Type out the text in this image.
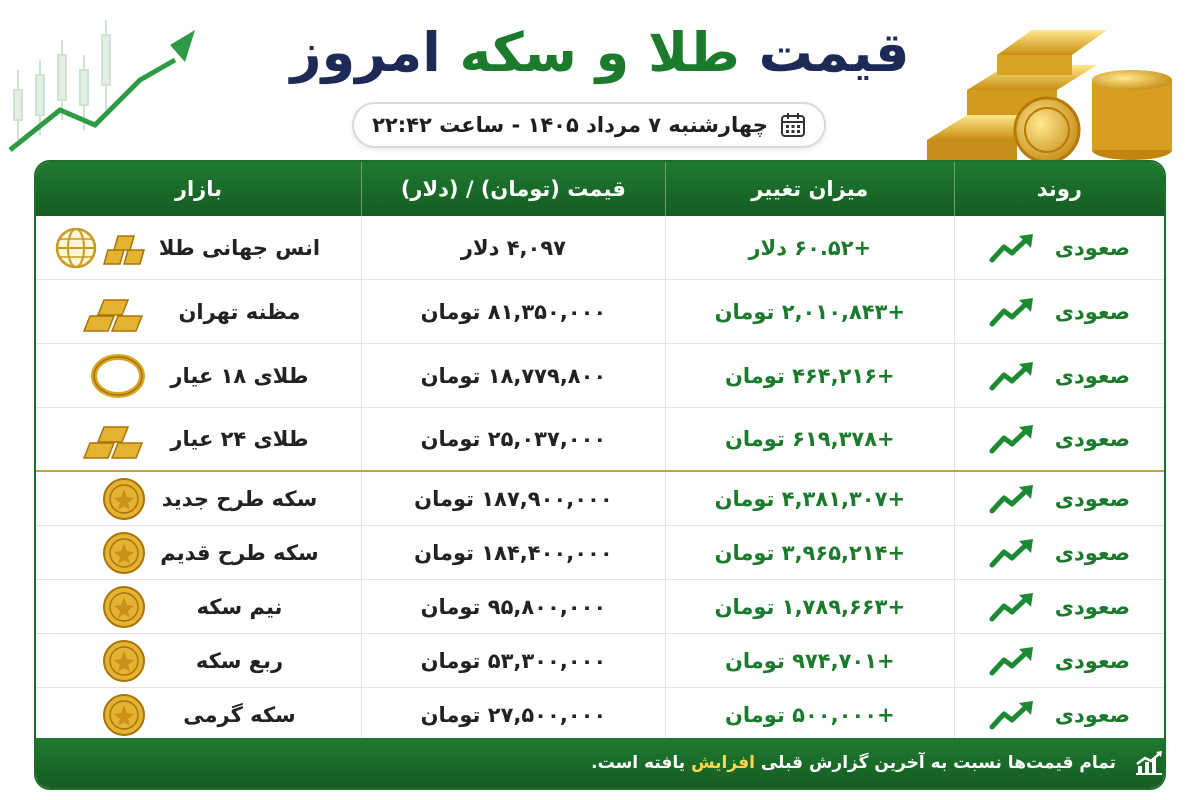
قیمت طلا و سکه امروز
چهارشنبه ۷ مرداد ۱۴۰۵ - ساعت ۲۲:۴۲
روند
میزان تغییر
قیمت (تومان) / (دلار)
بازار
صعودی
+۶۰.۵۲ دلار
۴,۰۹۷ دلار
انس جهانی طلا
صعودی
+۲,۰۱۰,۸۴۳ تومان
۸۱,۳۵۰,۰۰۰ تومان
مظنه تهران
صعودی
+۴۶۴,۲۱۶ تومان
۱۸,۷۷۹,۸۰۰ تومان
طلای ۱۸ عیار
صعودی
+۶۱۹,۳۷۸ تومان
۲۵,۰۳۷,۰۰۰ تومان
طلای ۲۴ عیار
صعودی
+۴,۳۸۱,۳۰۷ تومان
۱۸۷,۹۰۰,۰۰۰ تومان
سکه طرح جدید
صعودی
+۳,۹۶۵,۲۱۴ تومان
۱۸۴,۴۰۰,۰۰۰ تومان
سکه طرح قدیم
صعودی
+۱,۷۸۹,۶۶۳ تومان
۹۵,۸۰۰,۰۰۰ تومان
نیم سکه
صعودی
+۹۷۴,۷۰۱ تومان
۵۳,۳۰۰,۰۰۰ تومان
ربع سکه
صعودی
+۵۰۰,۰۰۰ تومان
۲۷,۵۰۰,۰۰۰ تومان
سکه گرمی
تمام قیمت‌ها نسبت به آخرین گزارش قبلی افزایش یافته است.
